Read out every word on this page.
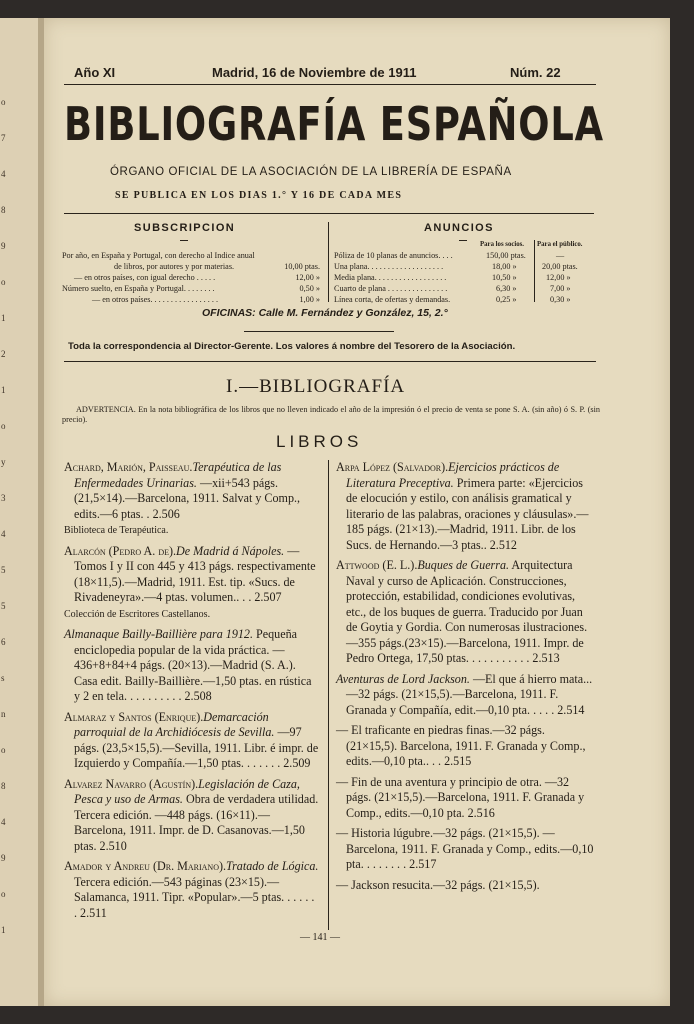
o
7
4
8
9
o
1
2
1
o
y
3
4
5
5
6
s
n
o
8
4
9
o
1
Año XI	Madrid, 16 de Noviembre de 1911	Núm. 22
BIBLIOGRAFÍA ESPAÑOLA
ÓRGANO OFICIAL DE LA ASOCIACIÓN DE LA LIBRERÍA DE ESPAÑA
SE PUBLICA EN LOS DIAS 1.° Y 16 DE CADA MES
SUBSCRIPCION
Por año, en España y Portugal, con derecho al Indice anual
de libros, por autores y por materias.	10,00 ptas.
— en otros países, con igual derecho . . . . .	12,00 »
Número suelto, en España y Portugal. . . . . . . .	0,50 »
— en otros países. . . . . . . . . . . . . . . . .	1,00 »
ANUNCIOS
Para los socios. Para el público.
Póliza de 10 planas de anuncios. . . .	150,00 ptas.	—
Una plana. . . . . . . . . . . . . . . . . . .	18,00 »	20,00 ptas.
Media plana. . . . . . . . . . . . . . . . . .	10,50 »	12,00 »
Cuarto de plana . . . . . . . . . . . . . . .	6,30 »	7,00 »
Línea corta, de ofertas y demandas.	0,25 »	0,30 »
OFICINAS: Calle M. Fernández y González, 15, 2.°
Toda la correspondencia al Director-Gerente. Los valores á nombre del Tesorero de la Asociación.
I.—BIBLIOGRAFÍA
ADVERTENCIA. En la nota bibliográfica de los libros que no lleven indicado el año de la impresión ó el precio de venta se pone S. A. (sin año) ó S. P. (sin precio).
LIBROS
Achard, Marión, Paisseau.Terapéutica de las Enfermedades Urinarias. —xii+543 págs. (21,5×14).—Barcelona, 1911. Salvat y Comp., edits.—6 ptas. . 2.506
Biblioteca de Terapéutica.
Alarcón (Pedro A. de).De Madrid á Nápoles. —Tomos I y II con 445 y 413 págs. respectivamente (18×11,5).—Madrid, 1911. Est. tip. «Sucs. de Rivadeneyra».—4 ptas. volumen.. . . 2.507
Colección de Escritores Castellanos.
Almanaque Bailly-Baillière para 1912. Pequeña enciclopedia popular de la vida práctica. — 436+8+84+4 págs. (20×13).—Madrid (S. A.). Casa edit. Bailly-Baillière.—1,50 ptas. en rústica y 2 en tela. . . . . . . . . . 2.508
Almaraz y Santos (Enrique).Demarcación parroquial de la Archidiócesis de Sevilla. —97 págs. (23,5×15,5).—Sevilla, 1911. Libr. é impr. de Izquierdo y Compañía.—1,50 ptas. . . . . . . 2.509
Alvarez Navarro (Agustín).Legislación de Caza, Pesca y uso de Armas. Obra de verdadera utilidad. Tercera edición. —448 págs. (16×11).—Barcelona, 1911. Impr. de D. Casanovas.—1,50 ptas. 2.510
Amador y Andreu (Dr. Mariano).Tratado de Lógica. Tercera edición.—543 páginas (23×15).—Salamanca, 1911. Tipr. «Popular».—5 ptas. . . . . . . 2.511
Arpa López (Salvador).Ejercicios prácticos de Literatura Preceptiva. Primera parte: «Ejercicios de elocución y estilo, con análisis gramatical y literario de las palabras, oraciones y cláusulas».— 185 págs. (21×13).—Madrid, 1911. Libr. de los Sucs. de Hernando.—3 ptas.. 2.512
Attwood (E. L.).Buques de Guerra. Arquitectura Naval y curso de Aplicación. Construcciones, protección, estabilidad, condiciones evolutivas, etc., de los buques de guerra. Traducido por Juan de Goytia y Gordia. Con numerosas ilustraciones.—355 págs.(23×15).—Barcelona, 1911. Impr. de Pedro Ortega, 17,50 ptas. . . . . . . . . . . 2.513
Aventuras de Lord Jackson. —El que á hierro mata...—32 págs. (21×15,5).—Barcelona, 1911. F. Granada y Compañía, edit.—0,10 pta. . . . . 2.514
— El traficante en piedras finas.—32 págs. (21×15,5). Barcelona, 1911. F. Granada y Comp., edits.—0,10 pta.. . . 2.515
— Fin de una aventura y principio de otra. —32 págs. (21×15,5).—Barcelona, 1911. F. Granada y Comp., edits.—0,10 pta. 2.516
— Historia lúgubre.—32 págs. (21×15,5). —Barcelona, 1911. F. Granada y Comp., edits.—0,10 pta. . . . . . . . 2.517
— Jackson resucita.—32 págs. (21×15,5).
— 141 —
